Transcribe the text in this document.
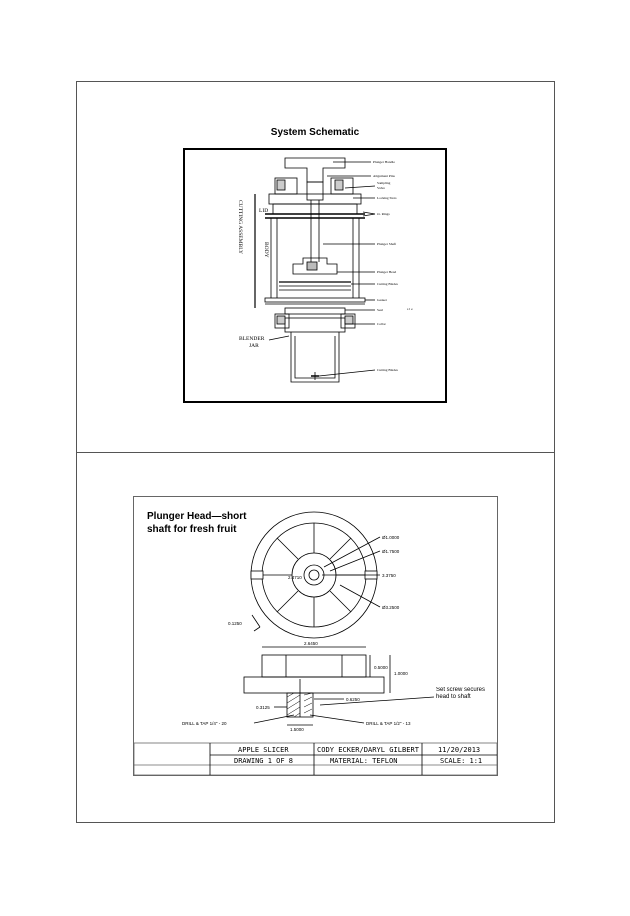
System Schematic
Plunger Handle
Alignment Pins
Sampling
Valve
Locking Slots
O- Rings
Plunger Shaft
Plunger Head
Cutting Blades
Gasket
Seal
Collar
Cutting Blades
LID
BODY
CUTTING ASSEMBLY
BLENDER
JAR
s l e
Plunger Head—short shaft for fresh fruit
Ø1.0000
Ø1.7500
3.3750
Ø3.2500
0.1250
2.4710
2.6450
0.5000
1.0000
0.6250
0.3125
1.5000
DRILL & TAP 1/4" - 20	DRILL & TAP 1/2" - 13
Set screw secures head to shaft
APPLE SLICER	CODY ECKER/DARYL GILBERT	11/20/2013
DRAWING 1 OF 8	MATERIAL: TEFLON	SCALE: 1:1
